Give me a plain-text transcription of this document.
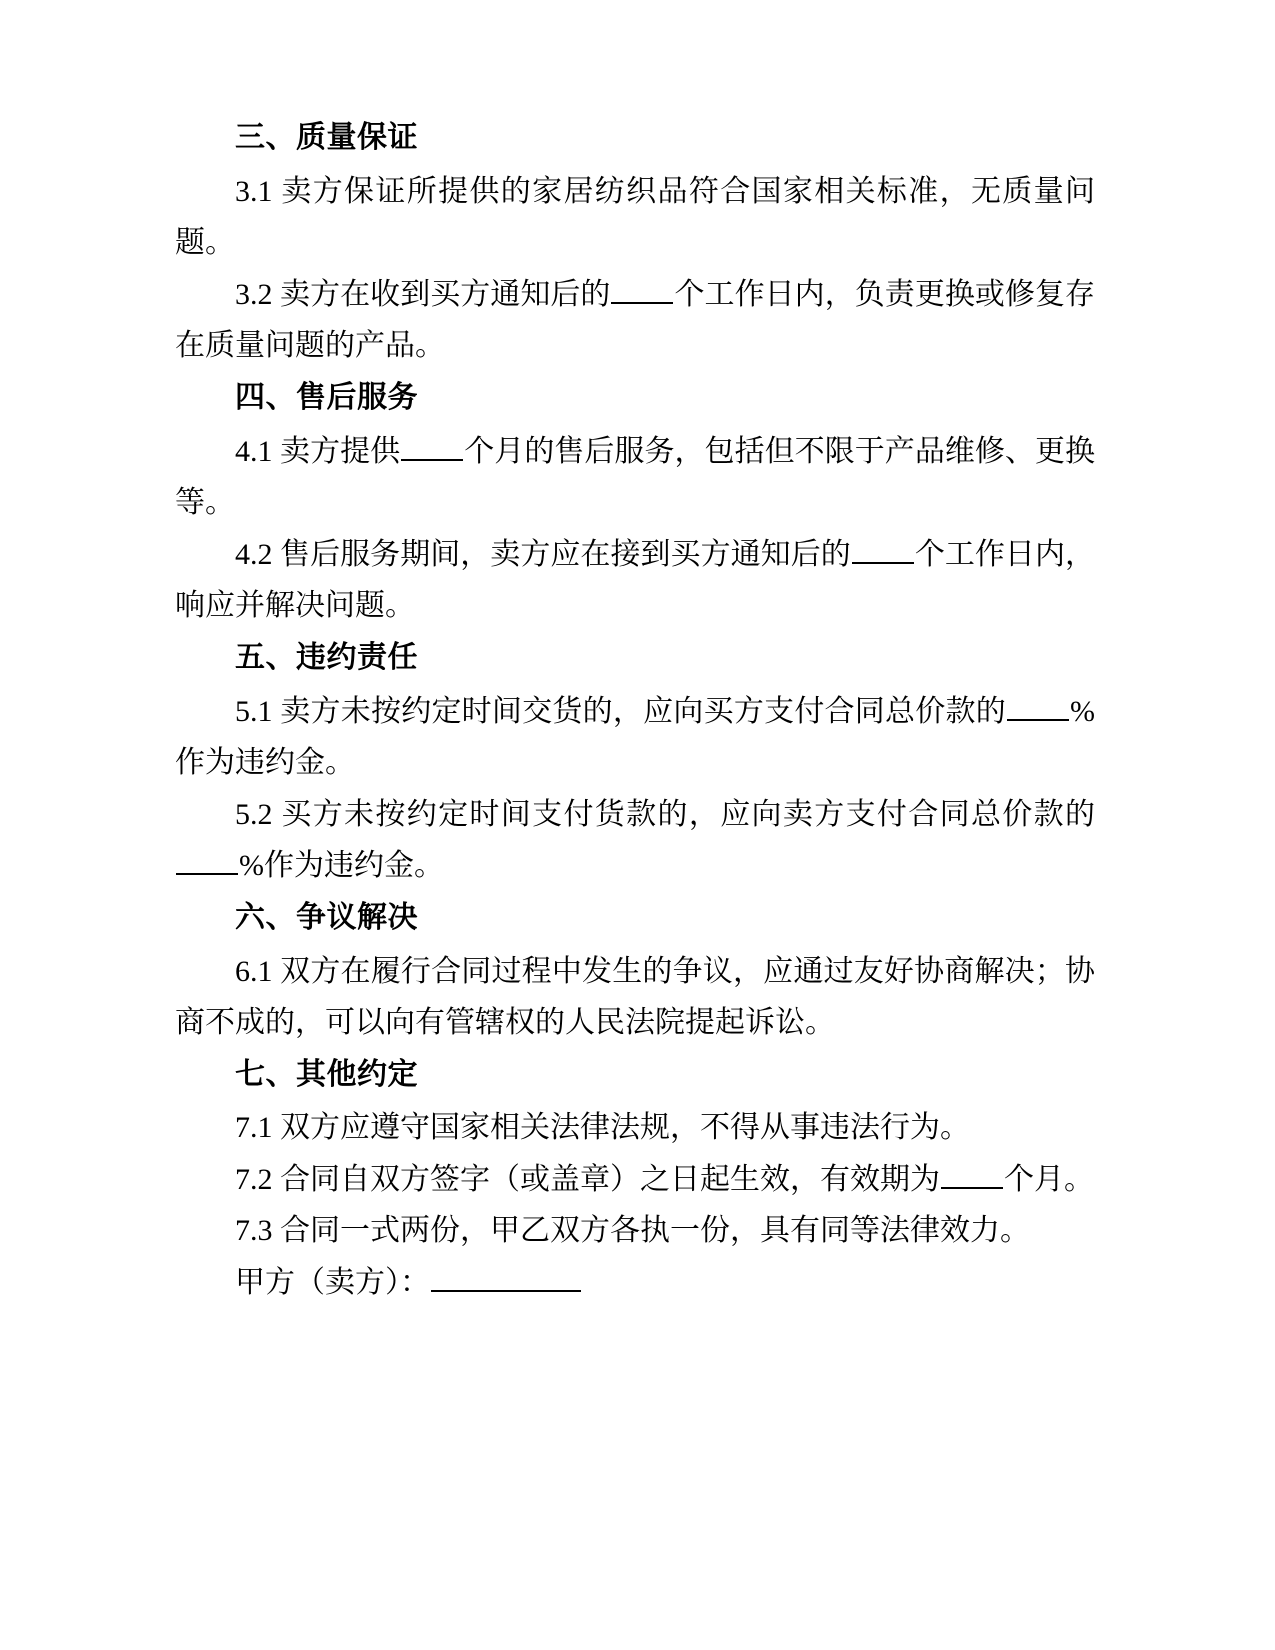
三、质量保证

3.1 卖方保证所提供的家居纺织品符合国家相关标准，无质量问题。

3.2 卖方在收到买方通知后的 个工作日内，负责更换或修复存在质量问题的产品。

四、售后服务

4.1 卖方提供 个月的售后服务，包括但不限于产品维修、更换等。

4.2 售后服务期间，卖方应在接到买方通知后的 个工作日内，响应并解决问题。

五、违约责任

5.1 卖方未按约定时间交货的，应向买方支付合同总价款的 %作为违约金。

5.2 买方未按约定时间支付货款的，应向卖方支付合同总价款的%作为违约金。

六、争议解决

6.1 双方在履行合同过程中发生的争议，应通过友好协商解决；协商不成的，可以向有管辖权的人民法院提起诉讼。

七、其他约定

7.1 双方应遵守国家相关法律法规，不得从事违法行为。

7.2 合同自双方签字（或盖章）之日起生效，有效期为 个月。

7.3 合同一式两份，甲乙双方各执一份，具有同等法律效力。

甲方（卖方）：
